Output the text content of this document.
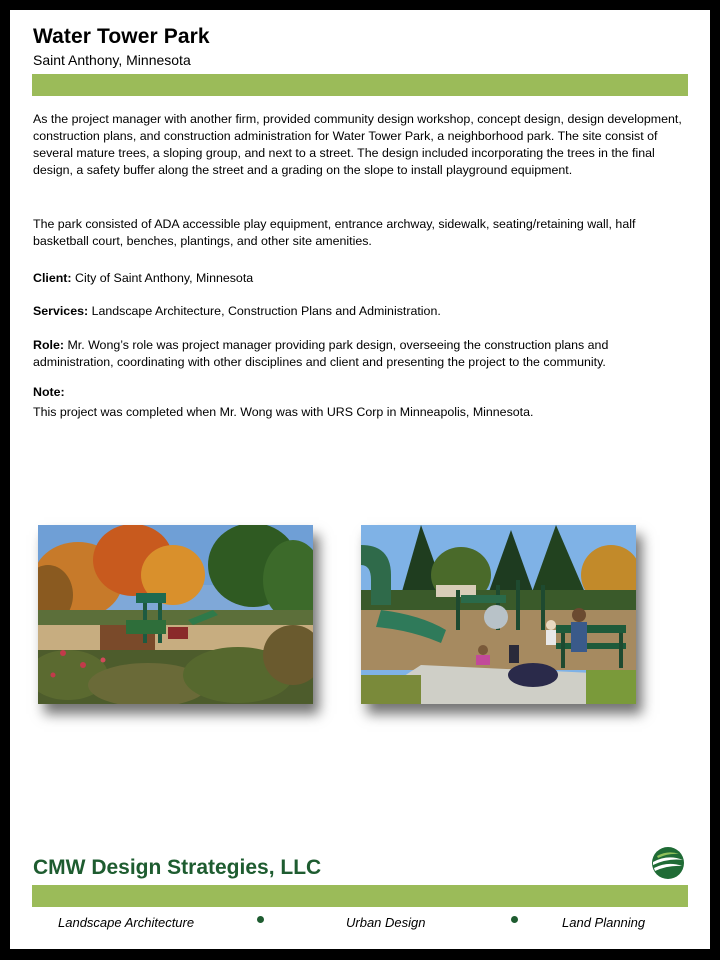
Water Tower Park
Saint Anthony, Minnesota
As the project manager with another firm, provided community design workshop, concept design, design development, construction plans, and construction administration for Water Tower Park, a neighborhood park. The site consist of several mature trees, a sloping group, and next to a street. The design included incorporating the trees in the final design, a safety buffer along the street and a grading on the slope to install playground equipment.
The park consisted of ADA accessible play equipment, entrance archway, sidewalk, seating/retaining wall, half basketball court, benches, plantings, and other site amenities.
Client: City of Saint Anthony, Minnesota
Services: Landscape Architecture, Construction Plans and Administration.
Role: Mr. Wong’s role was project manager providing park design, overseeing the construction plans and administration, coordinating with other disciplines and client and presenting the project to the community.
Note:
This project was completed when Mr. Wong was with URS Corp in Minneapolis, Minnesota.
CMW Design Strategies, LLC
Landscape Architecture	Urban Design	Land Planning
